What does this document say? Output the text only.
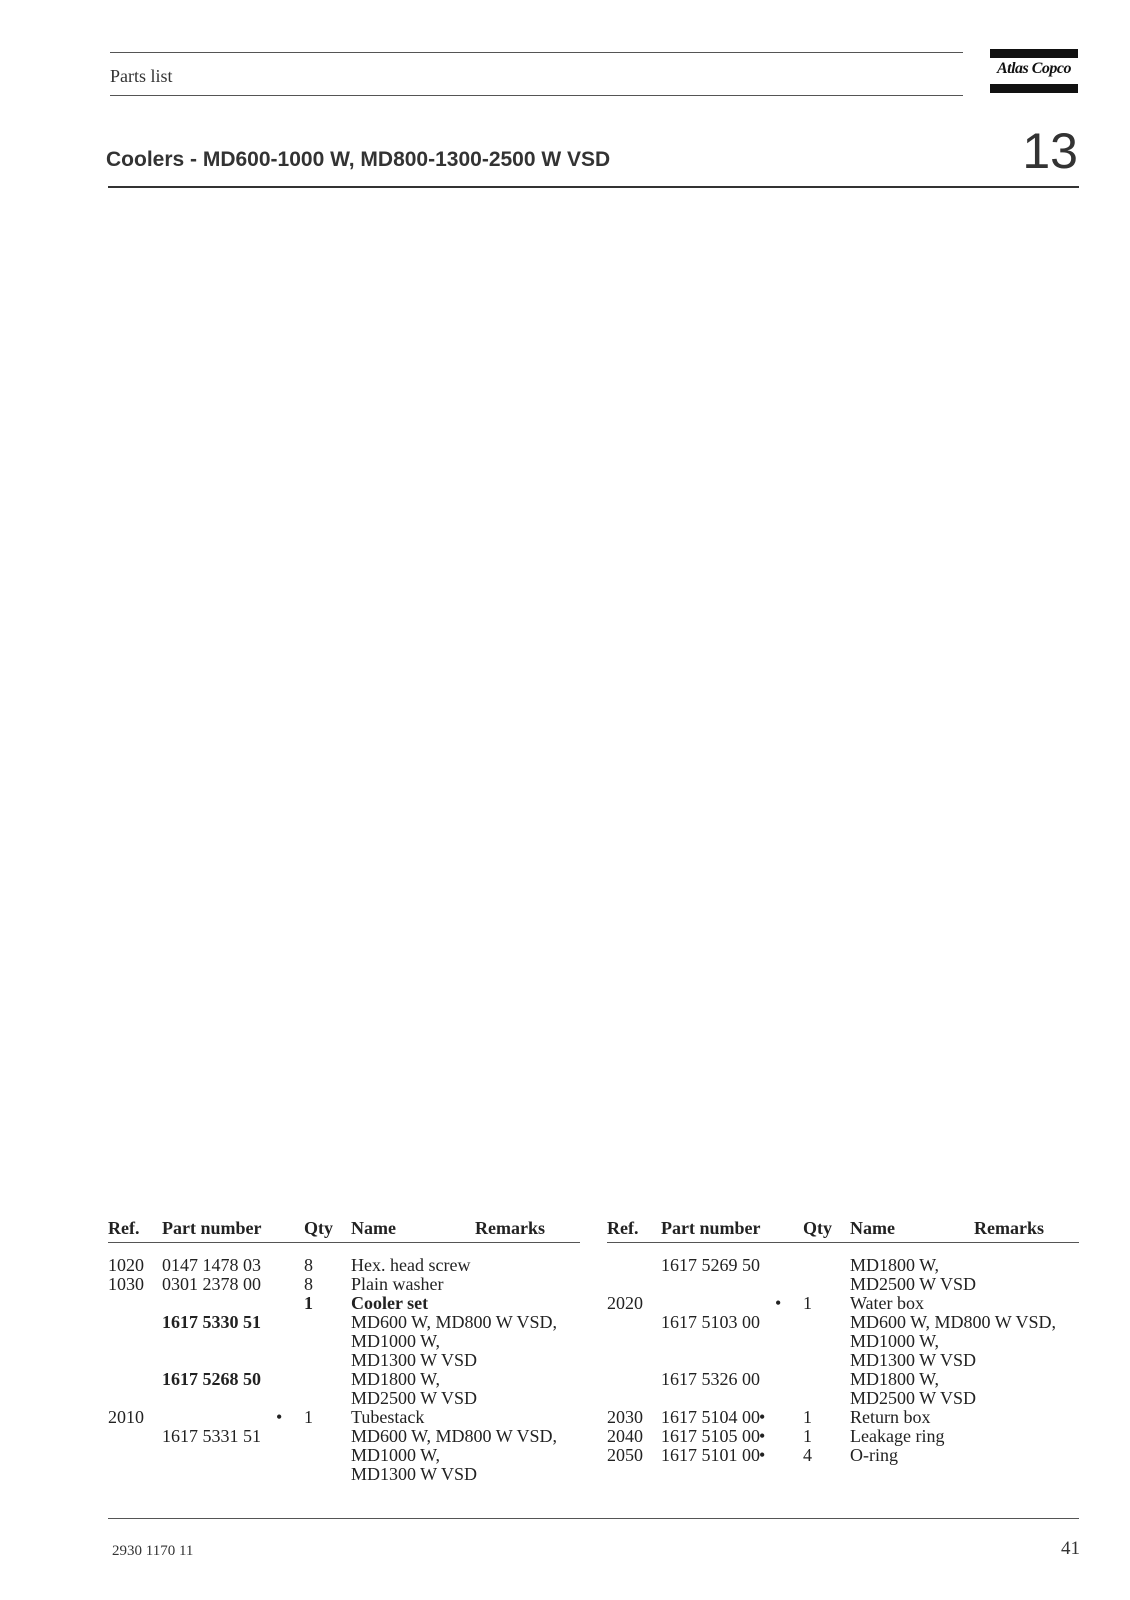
Parts list	Atlas Copco
Coolers - MD600-1000 W, MD800-1300-2500 W VSD	13
Ref. Part number Qty Name	Remarks
1020 0147 1478 03 8 Hex. head screw
1030 0301 2378 00 8 Plain washer
1 Cooler set
1617 5330 51	MD600 W, MD800 W VSD,
MD1000 W,
MD1300 W VSD
1617 5268 50	MD1800 W,
MD2500 W VSD
2010	• 1 Tubestack
1617 5331 51	MD600 W, MD800 W VSD,
MD1000 W,
MD1300 W VSD
Ref. Part number Qty Name	Remarks
1617 5269 50	MD1800 W,
MD2500 W VSD
2020	• 1 Water box
1617 5103 00	MD600 W, MD800 W VSD,
MD1000 W,
MD1300 W VSD
1617 5326 00	MD1800 W,
MD2500 W VSD
2030 1617 5104 00 • 1 Return box
2040 1617 5105 00 • 1 Leakage ring
2050 1617 5101 00 • 4 O-ring
2930 1170 11	41
